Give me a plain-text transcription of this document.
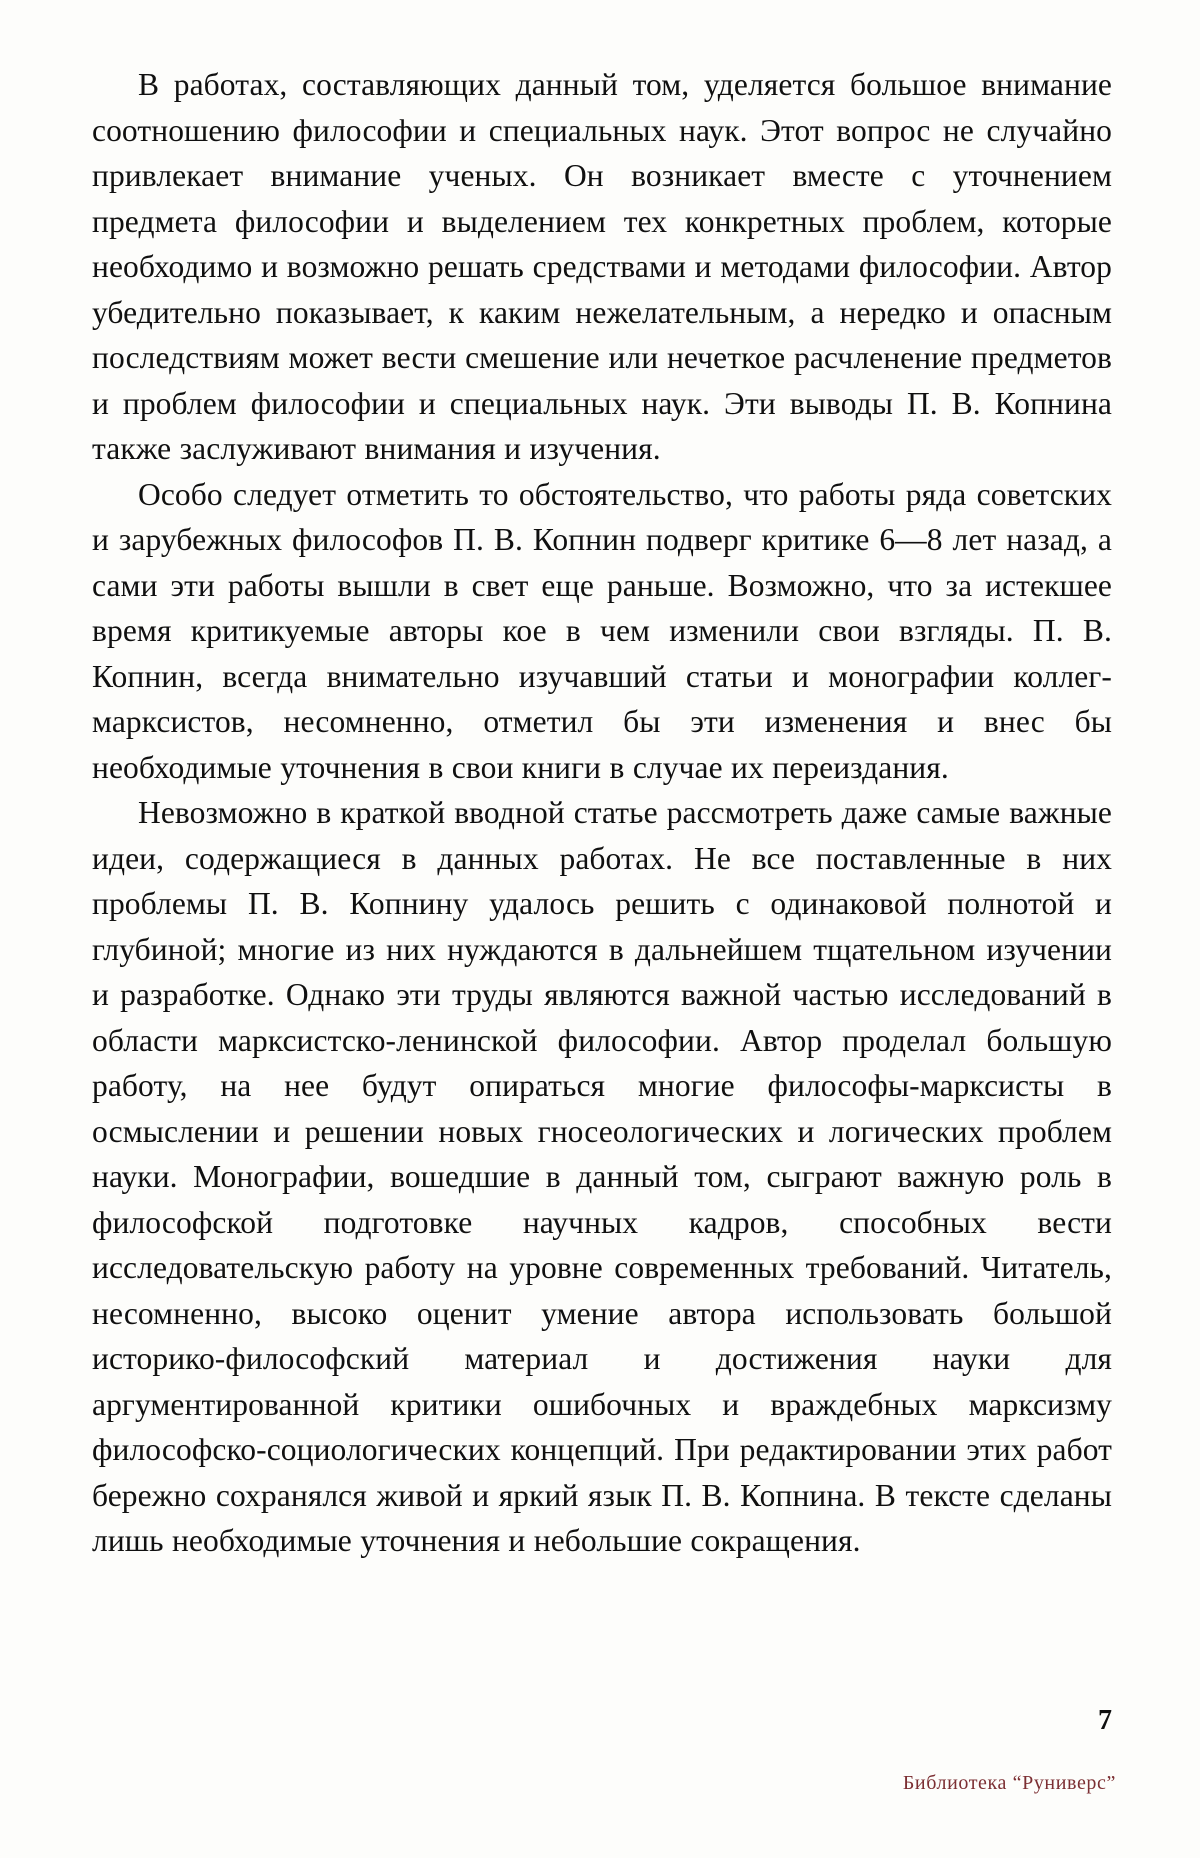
В работах, составляющих данный том, уделяется большое внимание соотношению философии и специальных наук. Этот вопрос не случайно привлекает внимание ученых. Он возникает вместе с уточнением предмета философии и выделением тех конкретных проблем, которые необходимо и возможно решать средствами и методами философии. Автор убедительно показывает, к каким нежелательным, а нередко и опасным последствиям может вести смешение или нечеткое расчленение предметов и проблем философии и специальных наук. Эти выводы П. В. Копнина также заслуживают внимания и изучения.

Особо следует отметить то обстоятельство, что работы ряда советских и зарубежных философов П. В. Копнин подверг критике 6—8 лет назад, а сами эти работы вышли в свет еще раньше. Возможно, что за истекшее время критикуемые авторы кое в чем изменили свои взгляды. П. В. Копнин, всегда внимательно изучавший статьи и монографии коллег-марксистов, несомненно, отметил бы эти изменения и внес бы необходимые уточнения в свои книги в случае их переиздания.

Невозможно в краткой вводной статье рассмотреть даже самые важные идеи, содержащиеся в данных работах. Не все поставленные в них проблемы П. В. Копнину удалось решить с одинаковой полнотой и глубиной; многие из них нуждаются в дальнейшем тщательном изучении и разработке. Однако эти труды являются важной частью исследований в области марксистско-ленинской философии. Автор проделал большую работу, на нее будут опираться многие философы-марксисты в осмыслении и решении новых гносеологических и логических проблем науки. Монографии, вошедшие в данный том, сыграют важную роль в философской подготовке научных кадров, способных вести исследовательскую работу на уровне современных требований. Читатель, несомненно, высоко оценит умение автора использовать большой историко-философский материал и достижения науки для аргументированной критики ошибочных и враждебных марксизму философско-социологических концепций. При редактировании этих работ бережно сохранялся живой и яркий язык П. В. Копнина. В тексте сделаны лишь необходимые уточнения и небольшие сокращения.

7
Библиотека “Руниверс”
